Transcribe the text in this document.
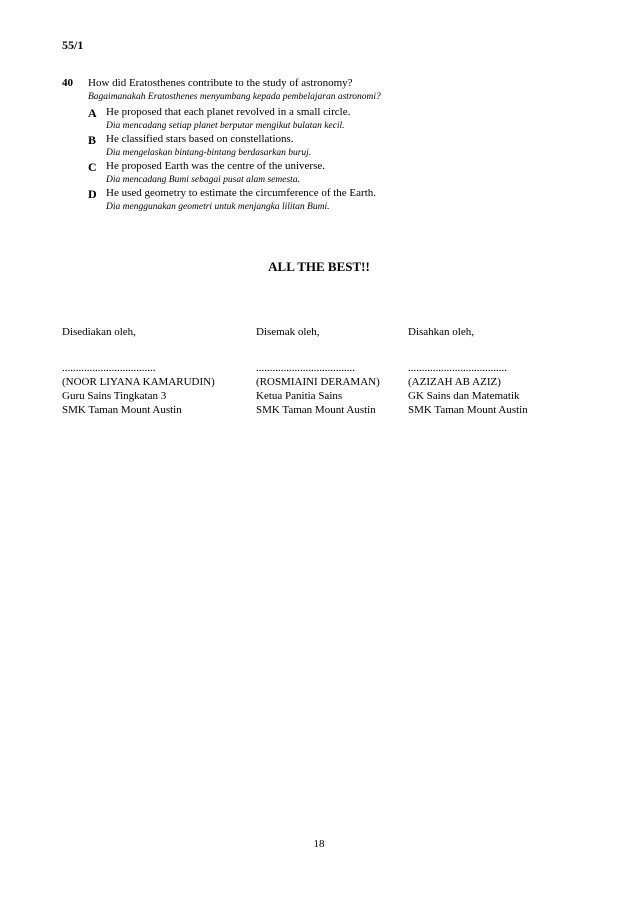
55/1
40 How did Eratosthenes contribute to the study of astronomy?
Bagaimanakah Eratosthenes menyumbang kepada pembelajaran astronomi?
A He proposed that each planet revolved in a small circle.
Dia mencadang setiap planet berputar mengikut bulatan kecil.
B He classified stars based on constellations.
Dia mengelaskan bintang-bintang berdasarkan buruj.
C He proposed Earth was the centre of the universe.
Dia mencadang Bumi sebagai pusat alam semesta.
D He used geometry to estimate the circumference of the Earth.
Dia menggunakan geometri untuk menjangka lilitan Bumi.
ALL THE BEST!!
Disediakan oleh,
..................................
(NOOR LIYANA KAMARUDIN)
Guru Sains Tingkatan 3
SMK Taman Mount Austin
Disemak oleh,
....................................
(ROSMIAINI DERAMAN)
Ketua Panitia Sains
SMK Taman Mount Austin
Disahkan oleh,
....................................
(AZIZAH AB AZIZ)
GK Sains dan Matematik
SMK Taman Mount Austin
18
